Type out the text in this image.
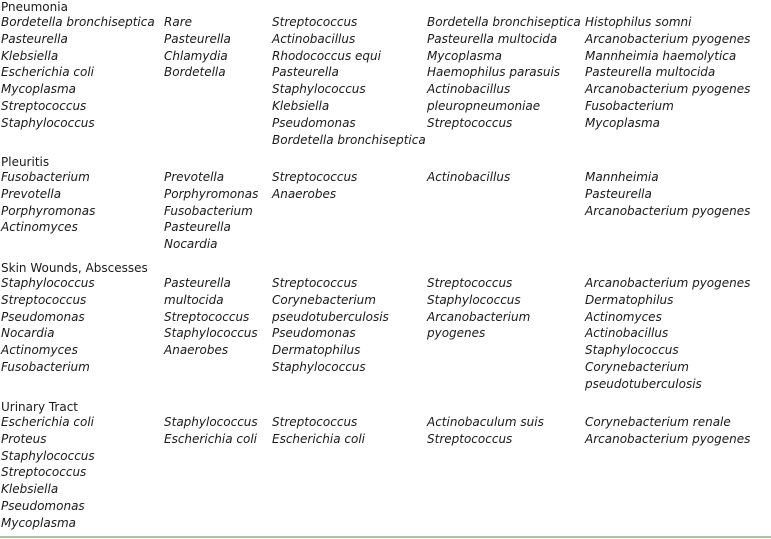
Pneumonia
Bordetella bronchiseptica
Pasteurella
Klebsiella
Escherichia coli
Mycoplasma
Streptococcus
Staphylococcus
Rare
Pasteurella
Chlamydia
Bordetella
Streptococcus
Actinobacillus
Rhodococcus equi
Pasteurella
Staphylococcus
Klebsiella
Pseudomonas
Bordetella bronchiseptica
Bordetella bronchiseptica
Pasteurella multocida
Mycoplasma
Haemophilus parasuis
Actinobacillus
pleuropneumoniae
Streptococcus
Histophilus somni
Arcanobacterium pyogenes
Mannheimia haemolytica
Pasteurella multocida
Arcanobacterium pyogenes
Fusobacterium
Mycoplasma
Pleuritis
Fusobacterium
Prevotella
Porphyromonas
Actinomyces
Prevotella
Porphyromonas
Fusobacterium
Pasteurella
Nocardia
Streptococcus
Anaerobes
Actinobacillus	Mannheimia
Pasteurella
Arcanobacterium pyogenes
Skin Wounds, Abscesses
Staphylococcus
Streptococcus
Pseudomonas
Nocardia
Actinomyces
Fusobacterium
Pasteurella
multocida
Streptococcus
Staphylococcus
Anaerobes
Streptococcus
Corynebacterium
pseudotuberculosis
Pseudomonas
Dermatophilus
Staphylococcus
Streptococcus
Staphylococcus
Arcanobacterium
pyogenes
Arcanobacterium pyogenes
Dermatophilus
Actinomyces
Actinobacillus
Staphylococcus
Corynebacterium
pseudotuberculosis
Urinary Tract
Escherichia coli
Proteus
Staphylococcus
Streptococcus
Klebsiella
Pseudomonas
Mycoplasma
Staphylococcus
Escherichia coli
Streptococcus
Escherichia coli
Actinobaculum suis
Streptococcus
Corynebacterium renale
Arcanobacterium pyogenes
